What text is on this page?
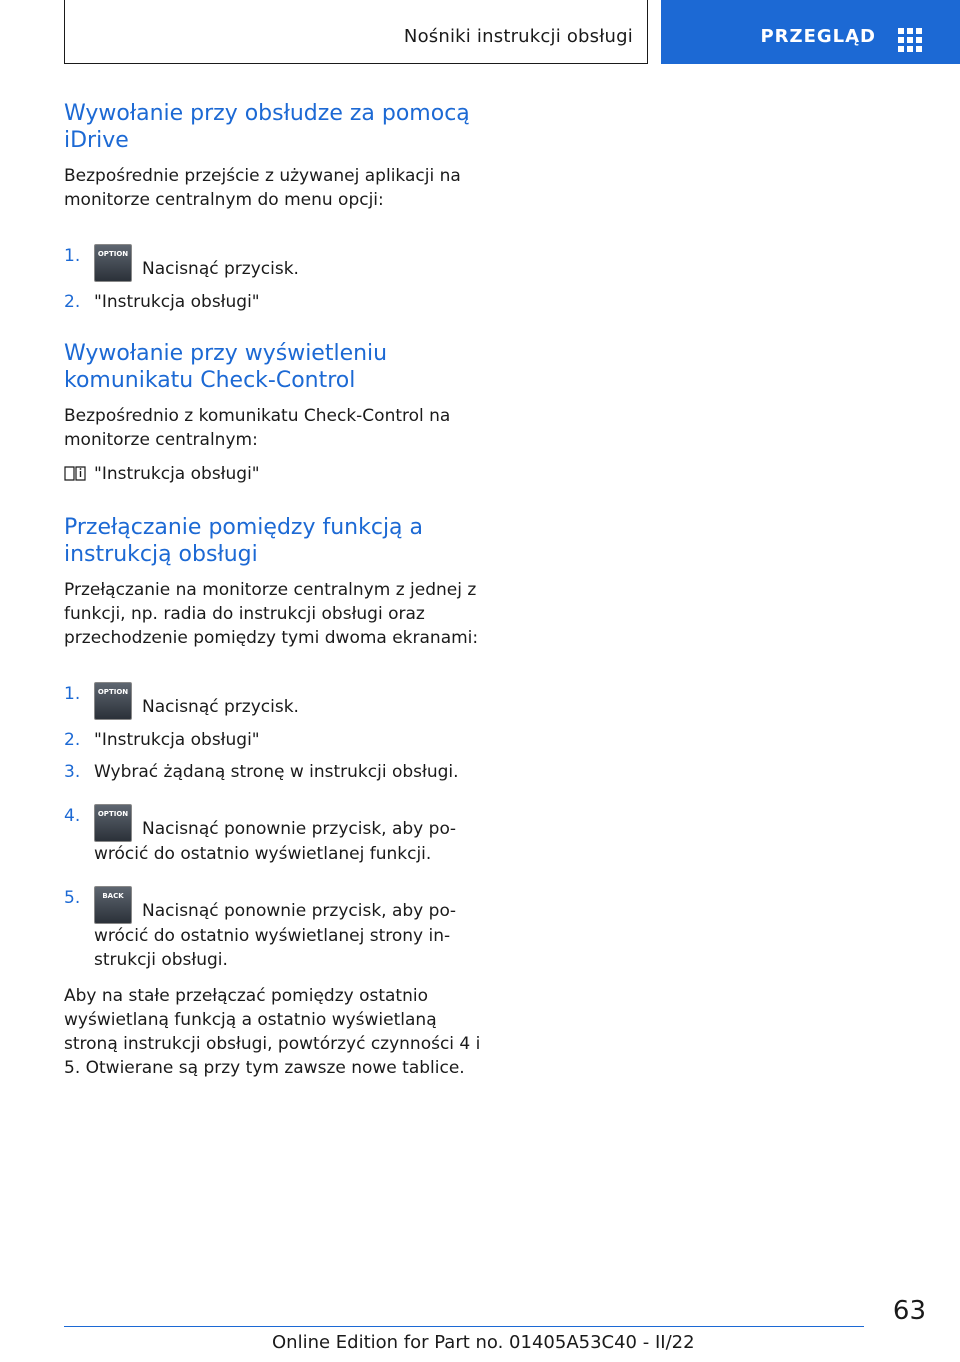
Nośniki instrukcji obsługi	PRZEGLĄD
Wywołanie przy obsłudze za pomocą iDrive

Bezpośrednie przejście z używanej aplikacji na monitorze centralnym do menu opcji:

1.	OPTION
Nacisnąć przycisk.
2. "Instrukcja obsługi"
Wywołanie przy wyświetleniu komunikatu Check-Control

Bezpośrednio z komunikatu Check-Control na monitorze centralnym:

"Instrukcja obsługi"
Przełączanie pomiędzy funkcją a instrukcją obsługi

Przełączanie na monitorze centralnym z jednej z funkcji, np. radia do instrukcji obsługi oraz przechodzenie pomiędzy tymi dwoma ekranami:

1.	OPTION
Nacisnąć przycisk.
2. "Instrukcja obsługi"
3. Wybrać żądaną stronę w instrukcji obsługi.
4.	OPTION
Nacisnąć ponownie przycisk, aby powrócić do ostatnio wyświetlanej funkcji.
5.	BACK
Nacisnąć ponownie przycisk, aby powrócić do ostatnio wyświetlanej strony instrukcji obsługi.

Aby na stałe przełączać pomiędzy ostatnio wyświetlaną funkcją a ostatnio wyświetlaną stroną instrukcji obsługi, powtórzyć czynności 4 i 5. Otwierane są przy tym zawsze nowe tablice.

63
Online Edition for Part no. 01405A53C40 - II/22
